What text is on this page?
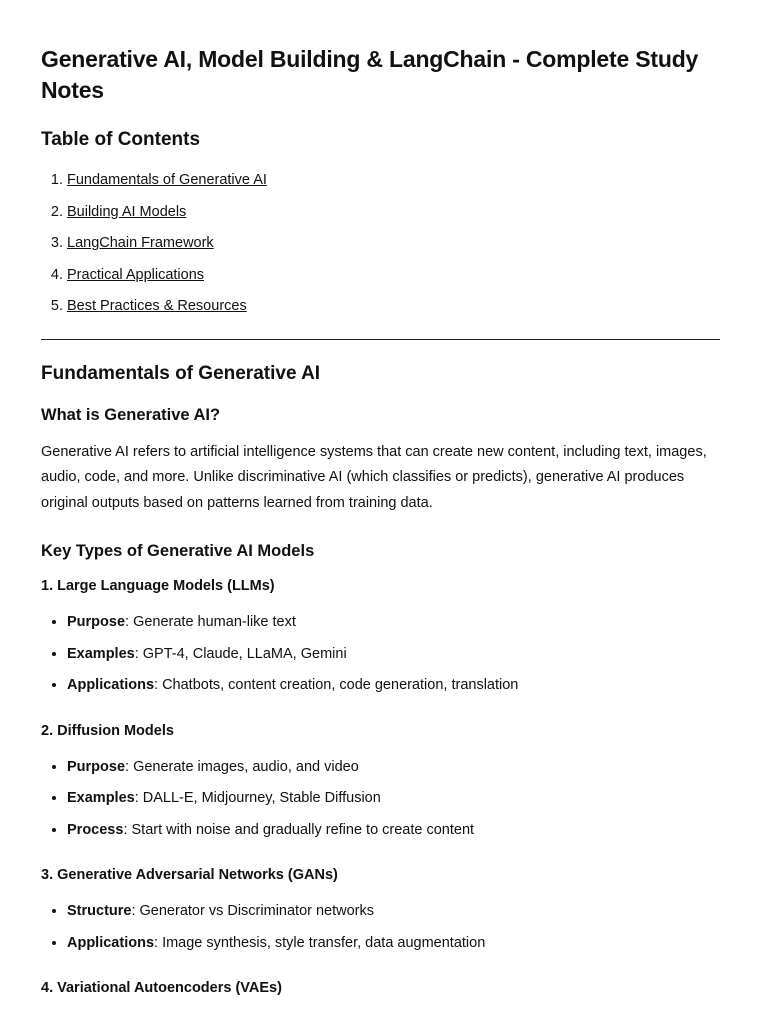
Generative AI, Model Building & LangChain - Complete Study Notes
Table of Contents
1. Fundamentals of Generative AI
2. Building AI Models
3. LangChain Framework
4. Practical Applications
5. Best Practices & Resources
Fundamentals of Generative AI
What is Generative AI?

Generative AI refers to artificial intelligence systems that can create new content, including text, images, audio, code, and more. Unlike discriminative AI (which classifies or predicts), generative AI produces original outputs based on patterns learned from training data.

Key Types of Generative AI Models
1. Large Language Models (LLMs)
• Purpose: Generate human-like text
• Examples: GPT-4, Claude, LLaMA, Gemini
• Applications: Chatbots, content creation, code generation, translation
2. Diffusion Models
• Purpose: Generate images, audio, and video
• Examples: DALL-E, Midjourney, Stable Diffusion
• Process: Start with noise and gradually refine to create content
3. Generative Adversarial Networks (GANs)
• Structure: Generator vs Discriminator networks
• Applications: Image synthesis, style transfer, data augmentation
4. Variational Autoencoders (VAEs)
